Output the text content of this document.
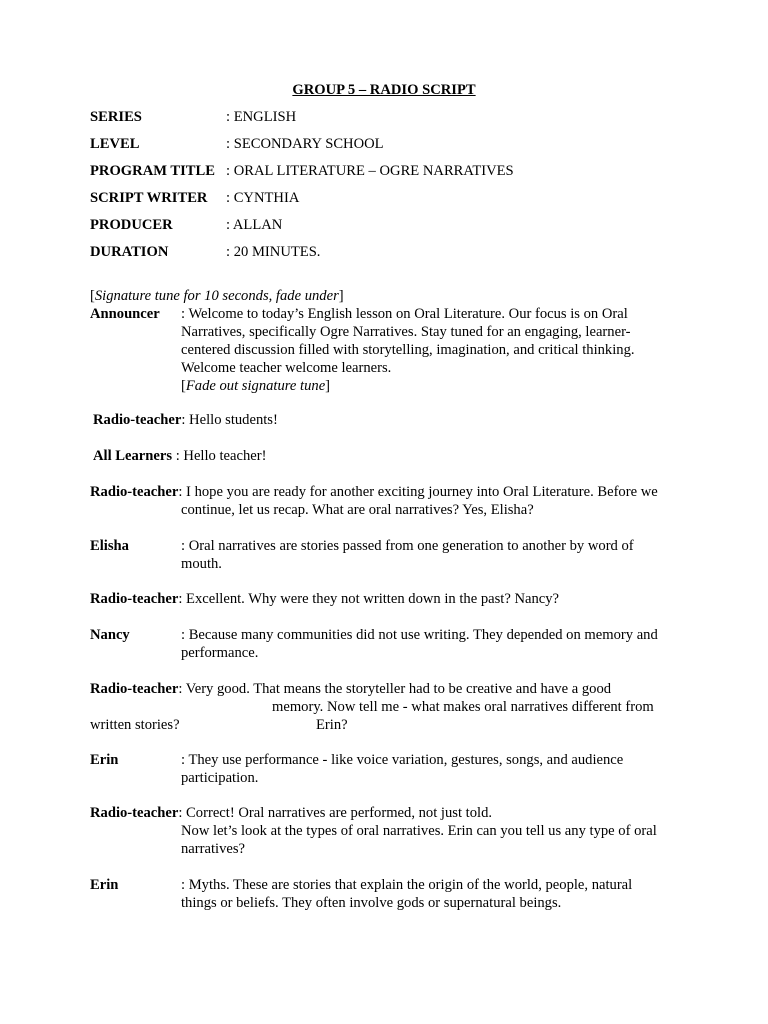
GROUP 5 – RADIO SCRIPT
SERIES	: ENGLISH
LEVEL	: SECONDARY SCHOOL
PROGRAM TITLE : ORAL LITERATURE – OGRE NARRATIVES
SCRIPT WRITER : CYNTHIA
PRODUCER	: ALLAN
DURATION	: 20 MINUTES.
[Signature tune for 10 seconds, fade under]
Announcer : Welcome to today’s English lesson on Oral Literature. Our focus is on Oral
Narratives, specifically Ogre Narratives. Stay tuned for an engaging, learner-
centered discussion filled with storytelling, imagination, and critical thinking.
Welcome teacher welcome learners.
[Fade out signature tune]
Radio-teacher: Hello students!
All Learners : Hello teacher!
Radio-teacher: I hope you are ready for another exciting journey into Oral Literature. Before we
continue, let us recap. What are oral narratives? Yes, Elisha?
Elisha	: Oral narratives are stories passed from one generation to another by word of
mouth.
Radio-teacher: Excellent. Why were they not written down in the past? Nancy?
Nancy	: Because many communities did not use writing. They depended on memory and
performance.
Radio-teacher: Very good. That means the storyteller had to be creative and have a good
memory. Now tell me - what makes oral narratives different from
written stories?	Erin?
Erin	: They use performance - like voice variation, gestures, songs, and audience
participation.
Radio-teacher: Correct! Oral narratives are performed, not just told.
Now let’s look at the types of oral narratives. Erin can you tell us any type of oral
narratives?
Erin	: Myths. These are stories that explain the origin of the world, people, natural
things or beliefs. They often involve gods or supernatural beings.
